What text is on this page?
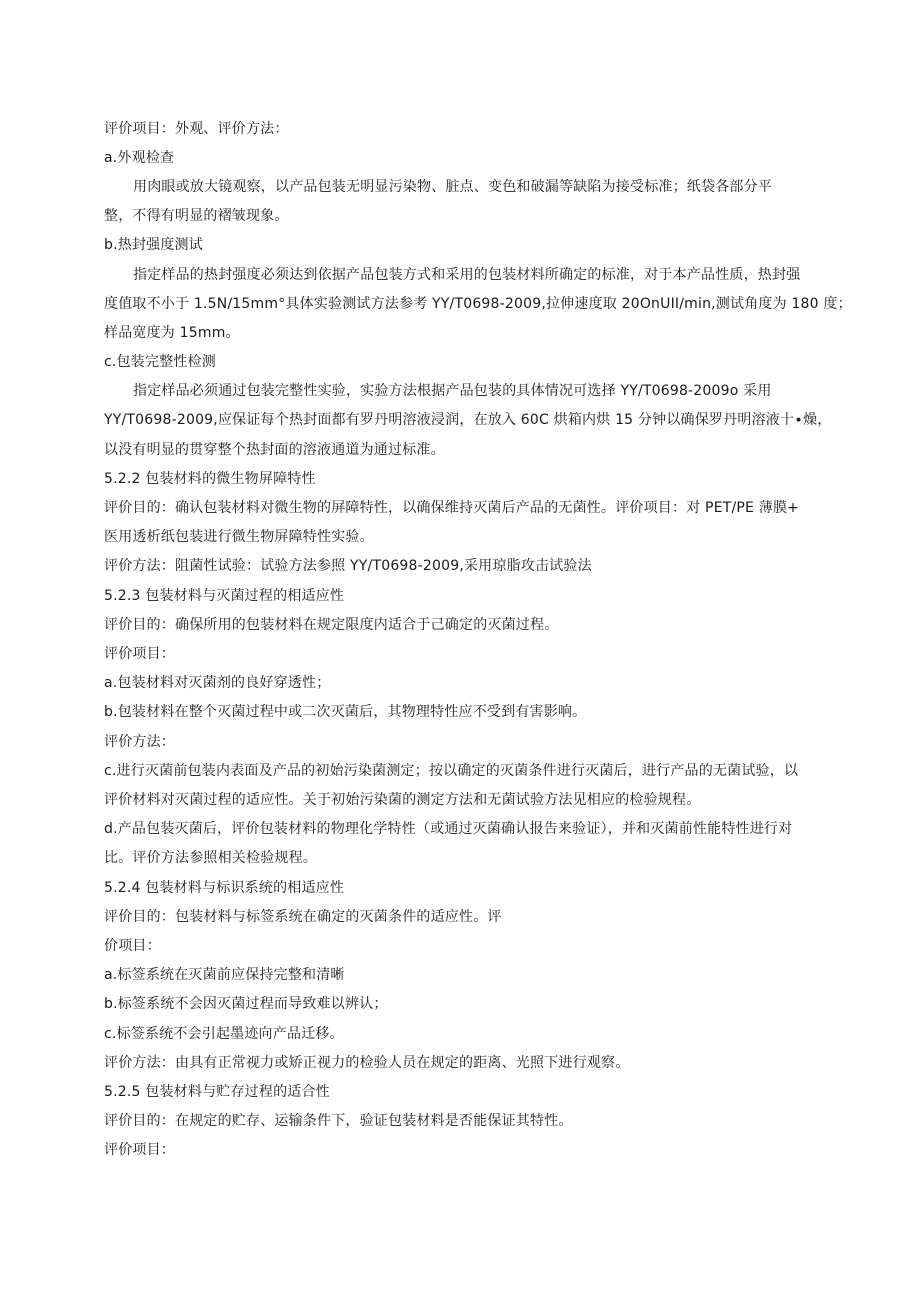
评价项目：外观、评价方法：
a.外观检查
用肉眼或放大镜观察，以产品包装无明显污染物、脏点、变色和破漏等缺陷为接受标准；纸袋各部分平
整，不得有明显的褶皱现象。
b.热封强度测试
指定样品的热封强度必须达到依据产品包装方式和采用的包装材料所确定的标准，对于本产品性质，热封强
度值取不小于 1.5N∕15mm°具体实验测试方法参考 YY/T0698-2009,拉伸速度取 20OnUII∕min,测试角度为 180 度；
样品宽度为 15mm。
c.包装完整性检测
指定样品必须通过包装完整性实验，实验方法根据产品包装的具体情况可选择 YY/T0698-2009o 采用
YY/T0698-2009,应保证每个热封面都有罗丹明溶液浸润，在放入 60C 烘箱内烘 15 分钟以确保罗丹明溶液十∙燥，
以没有明显的贯穿整个热封面的溶液通道为通过标准。
5.2.2 包装材料的微生物屏障特性
评价目的：确认包装材料对微生物的屏障特性，以确保维持灭菌后产品的无菌性。评价项目：对 PET/PE 薄膜+
医用透析纸包装进行微生物屏障特性实验。
评价方法：阻菌性试验：试验方法参照 YY/T0698-2009,采用琼脂攻击试验法
5.2.3 包装材料与灭菌过程的相适应性
评价目的：确保所用的包装材料在规定限度内适合于己确定的灭菌过程。
评价项目：
a.包装材料对灭菌剂的良好穿透性；
b.包装材料在整个灭菌过程中或二次灭菌后，其物理特性应不受到有害影响。
评价方法：
c.进行灭菌前包装内表面及产品的初始污染菌测定；按以确定的灭菌条件进行灭菌后，进行产品的无菌试验，以
评价材料对灭菌过程的适应性。关于初始污染菌的测定方法和无菌试验方法见相应的检验规程。
d.产品包装灭菌后，评价包装材料的物理化学特性（或通过灭菌确认报告来验证），并和灭菌前性能特性进行对
比。评价方法参照相关检验规程。
5.2.4 包装材料与标识系统的相适应性
评价目的：包装材料与标签系统在确定的灭菌条件的适应性。评
价项目：
a.标签系统在灭菌前应保持完整和清晰
b.标签系统不会因灭菌过程而导致难以辨认；
c.标签系统不会引起墨迹向产品迁移。
评价方法：由具有正常视力或矫正视力的检验人员在规定的距离、光照下进行观察。
5.2.5 包装材料与贮存过程的适合性
评价目的：在规定的贮存、运输条件下，验证包装材料是否能保证其特性。
评价项目：
